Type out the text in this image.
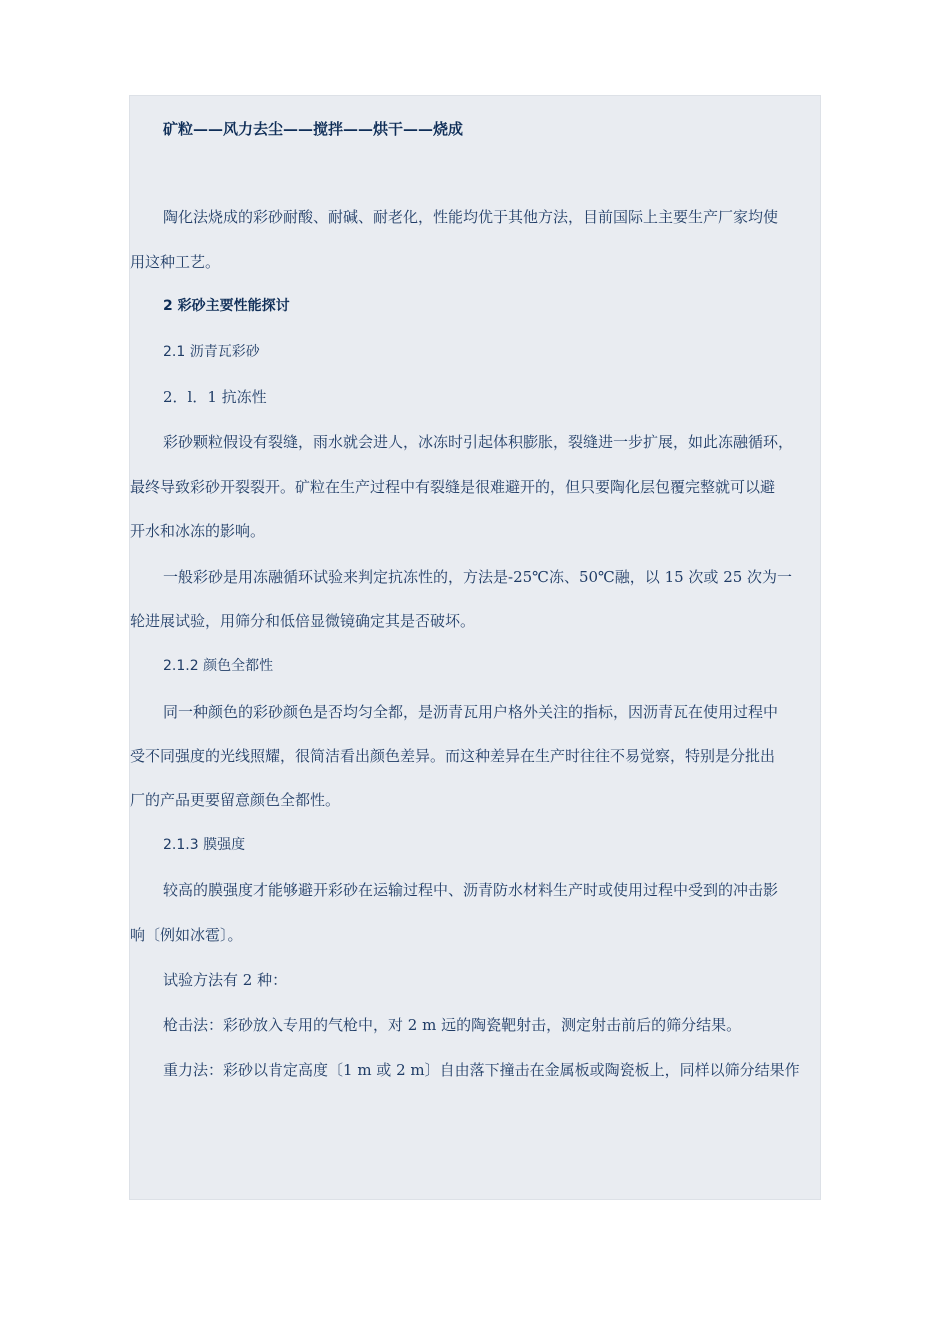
矿粒——风力去尘——搅拌——烘干——烧成
陶化法烧成的彩砂耐酸、耐碱、耐老化，性能均优于其他方法，目前国际上主要生产厂家均使
用这种工艺。
2 彩砂主要性能探讨
2.1 沥青瓦彩砂
2．l．1 抗冻性
彩砂颗粒假设有裂缝，雨水就会进人，冰冻时引起体积膨胀，裂缝进一步扩展，如此冻融循环，
最终导致彩砂开裂裂开。矿粒在生产过程中有裂缝是很难避开的，但只要陶化层包覆完整就可以避
开水和冰冻的影响。
一般彩砂是用冻融循环试验来判定抗冻性的，方法是-25℃冻、50℃融，以 15 次或 25 次为一
轮进展试验，用筛分和低倍显微镜确定其是否破坏。
2.1.2 颜色全都性
同一种颜色的彩砂颜色是否均匀全都，是沥青瓦用户格外关注的指标，因沥青瓦在使用过程中
受不同强度的光线照耀，很简洁看出颜色差异。而这种差异在生产时往往不易觉察，特别是分批出
厂的产品更要留意颜色全都性。
2.1.3 膜强度
较高的膜强度才能够避开彩砂在运输过程中、沥青防水材料生产时或使用过程中受到的冲击影
响〔例如冰雹〕。
试验方法有 2 种：
枪击法：彩砂放入专用的气枪中，对 2 m 远的陶瓷靶射击，测定射击前后的筛分结果。
重力法：彩砂以肯定高度〔1 m 或 2 m〕自由落下撞击在金属板或陶瓷板上，同样以筛分结果作
